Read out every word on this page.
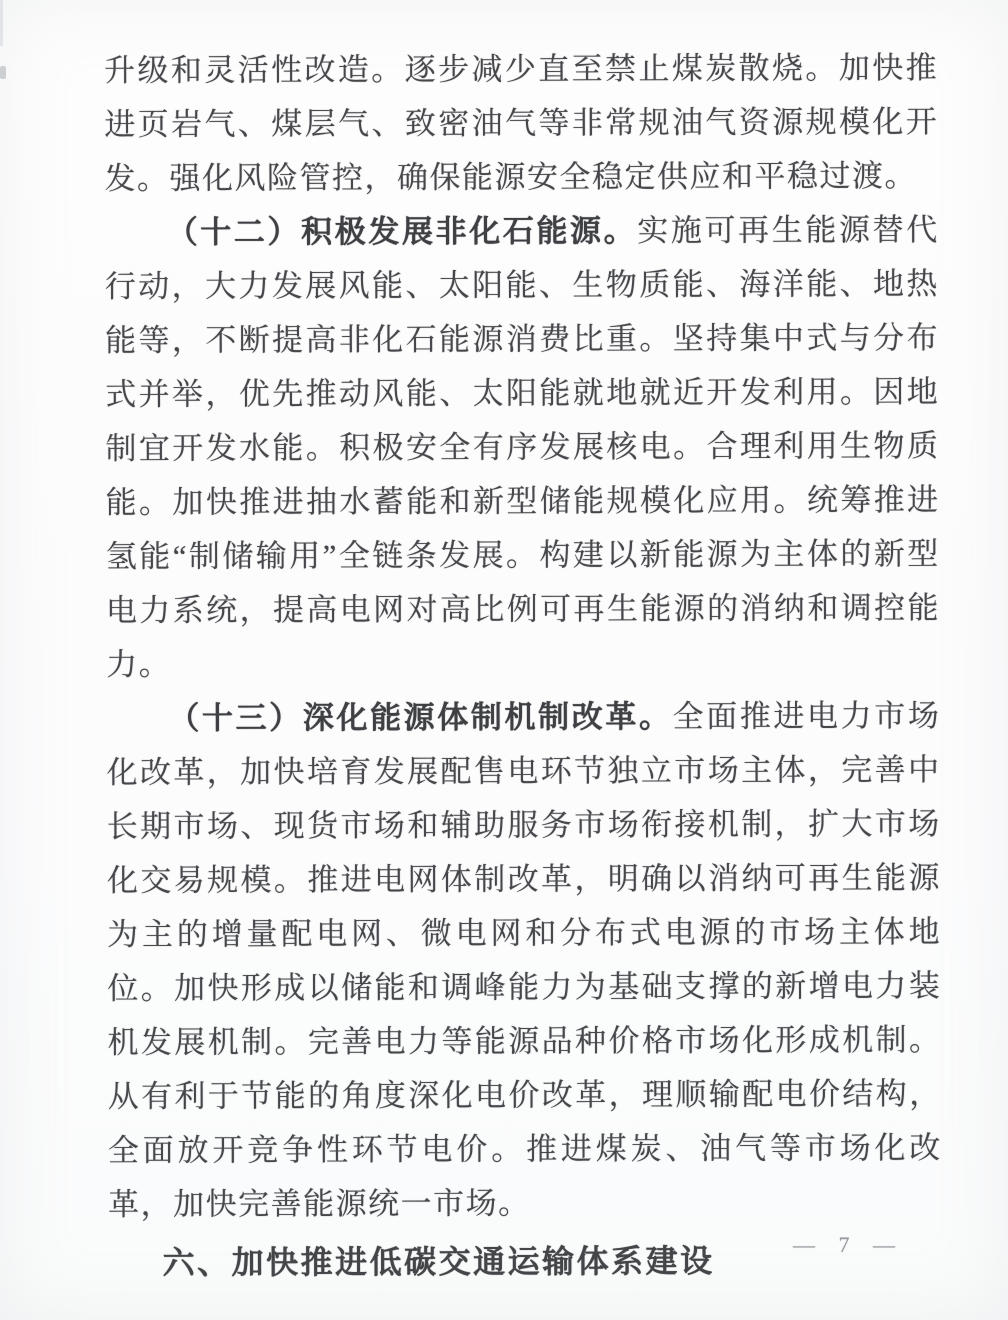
升级和灵活性改造。逐步减少直至禁止煤炭散烧。加快推进页岩气、煤层气、致密油气等非常规油气资源规模化开发。强化风险管控，确保能源安全稳定供应和平稳过渡。

（十二）积极发展非化石能源。实施可再生能源替代行动，大力发展风能、太阳能、生物质能、海洋能、地热能等，不断提高非化石能源消费比重。坚持集中式与分布式并举，优先推动风能、太阳能就地就近开发利用。因地制宜开发水能。积极安全有序发展核电。合理利用生物质能。加快推进抽水蓄能和新型储能规模化应用。统筹推进氢能“制储输用”全链条发展。构建以新能源为主体的新型电力系统，提高电网对高比例可再生能源的消纳和调控能力。

（十三）深化能源体制机制改革。全面推进电力市场化改革，加快培育发展配售电环节独立市场主体，完善中长期市场、现货市场和辅助服务市场衔接机制，扩大市场化交易规模。推进电网体制改革，明确以消纳可再生能源为主的增量配电网、微电网和分布式电源的市场主体地位。加快形成以储能和调峰能力为基础支撑的新增电力装机发展机制。完善电力等能源品种价格市场化形成机制。从有利于节能的角度深化电价改革，理顺输配电价结构，全面放开竞争性环节电价。推进煤炭、油气等市场化改革，加快完善能源统一市场。

六、加快推进低碳交通运输体系建设	— 7 —
